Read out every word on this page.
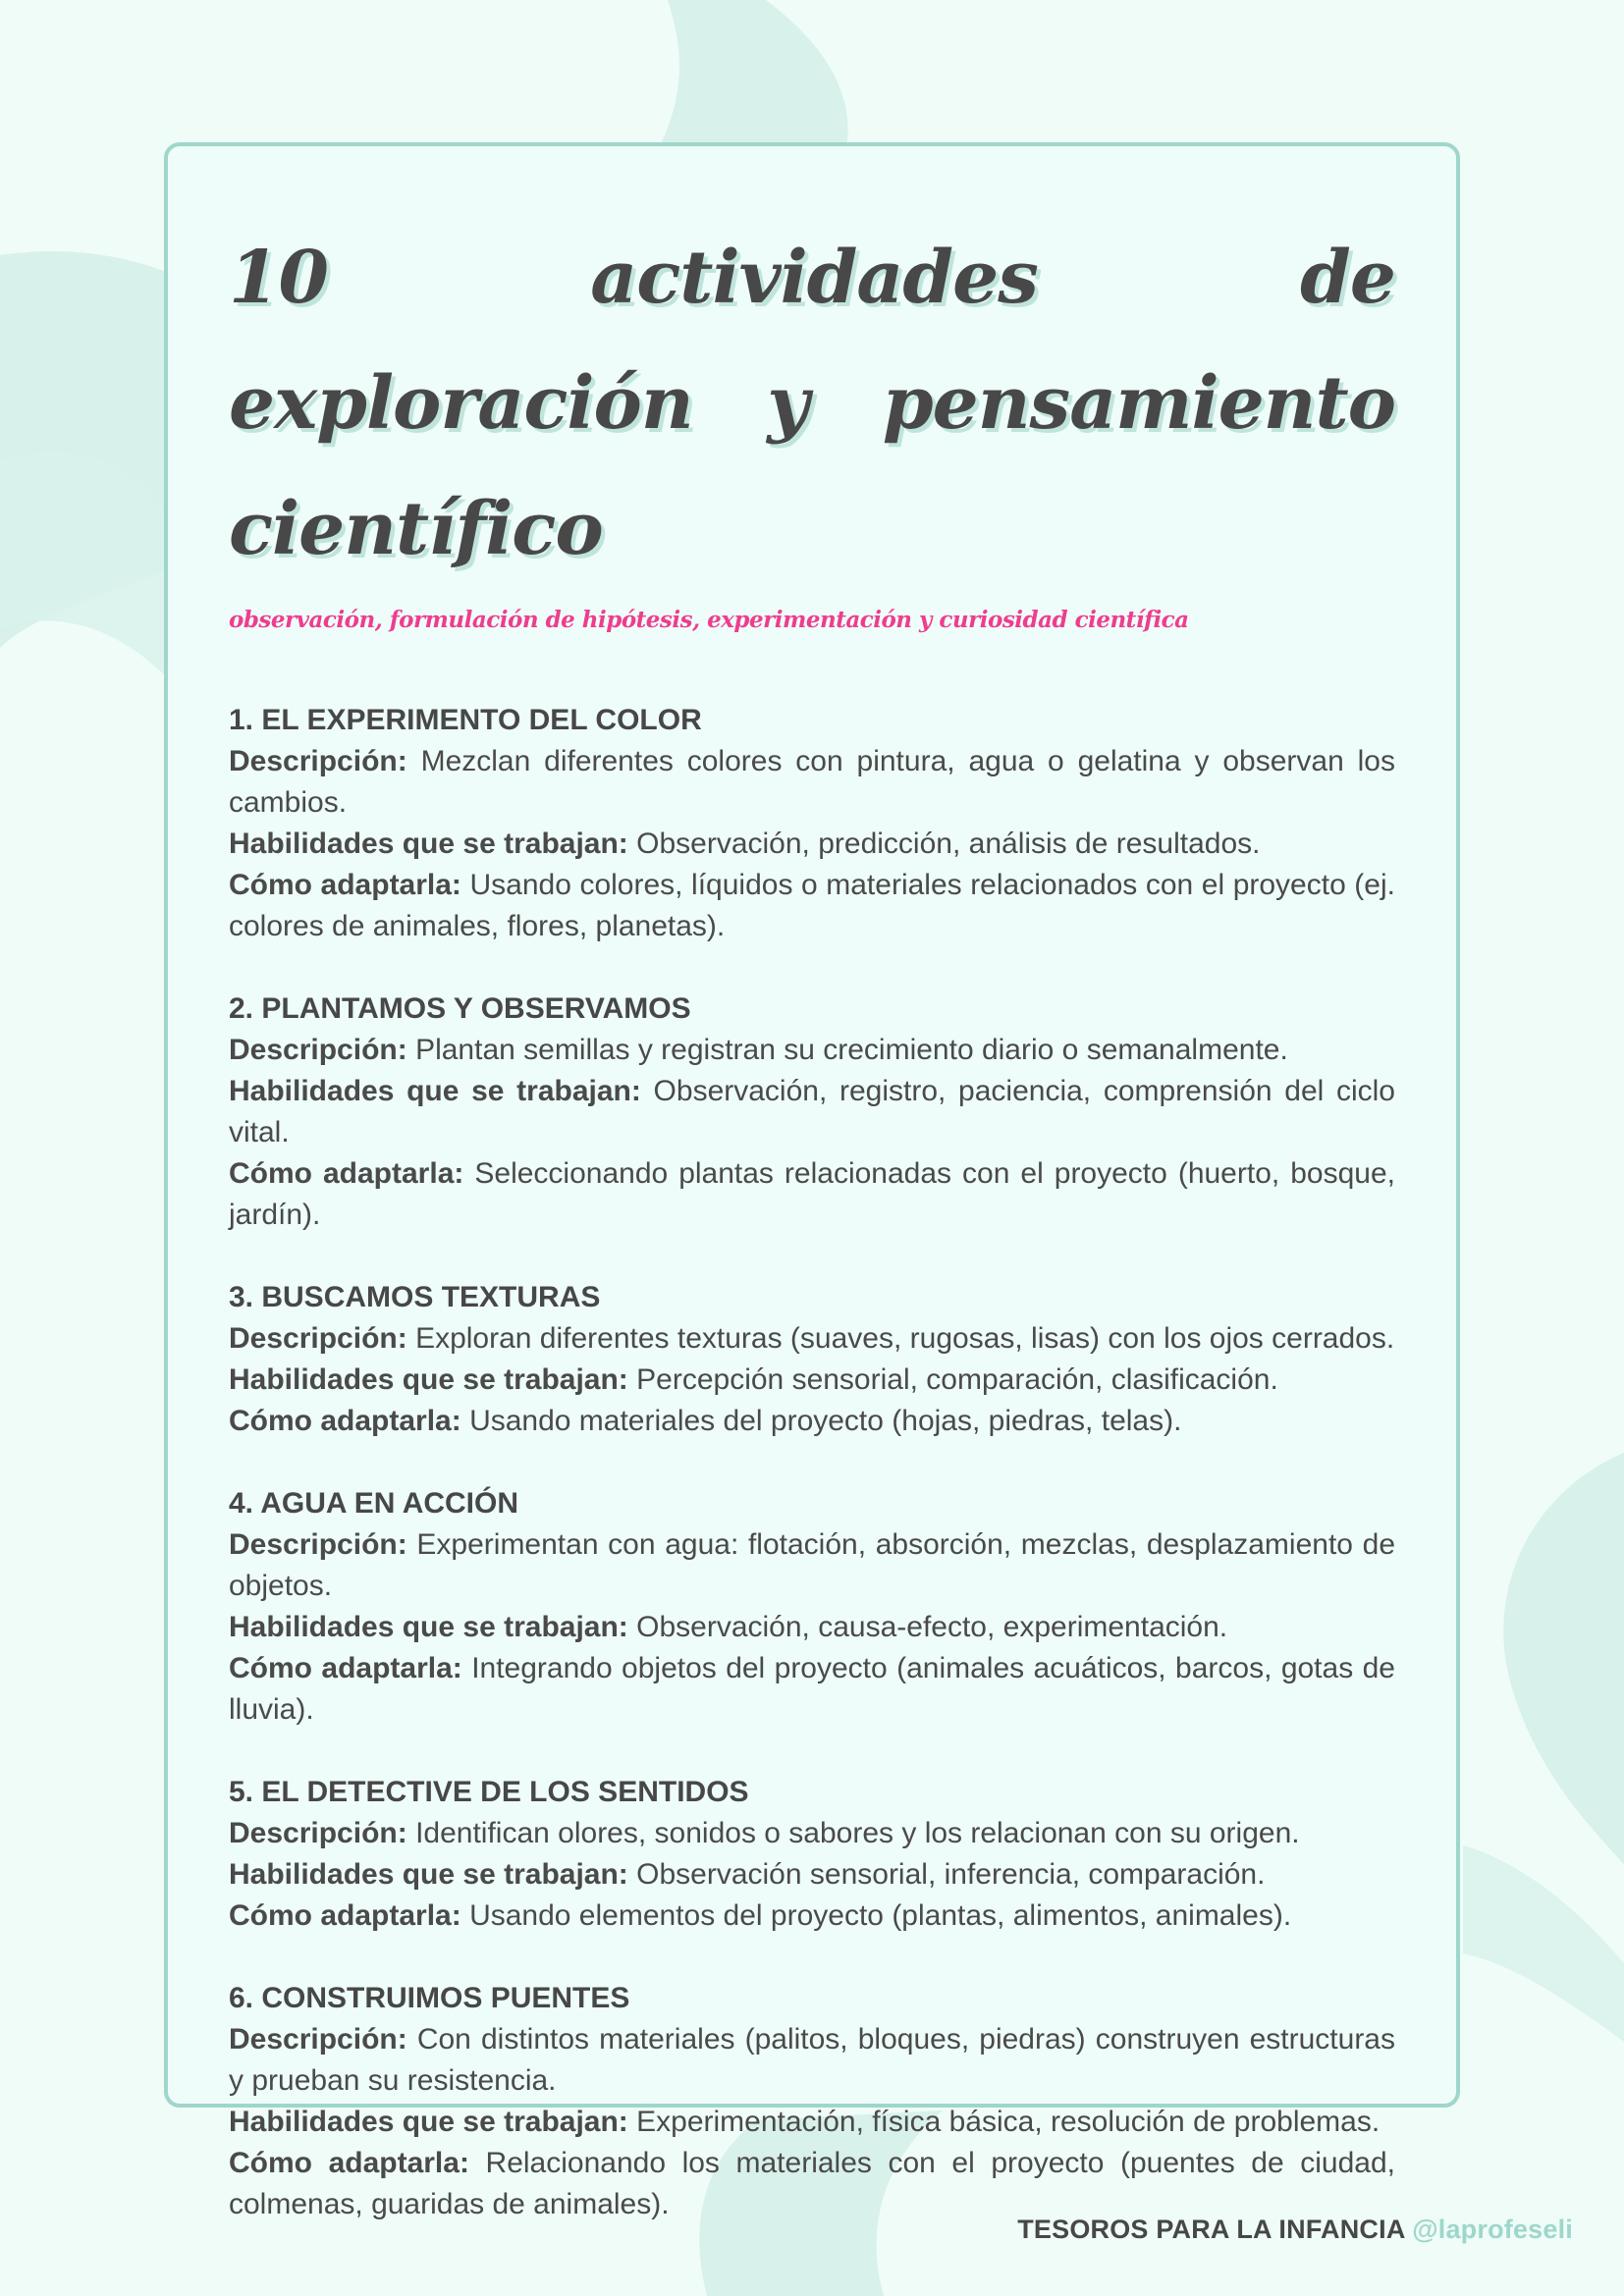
10 actividades de exploración y pensamiento científico

observación, formulación de hipótesis, experimentación y curiosidad científica

1. EL EXPERIMENTO DEL COLOR

Descripción: Mezclan diferentes colores con pintura, agua o gelatina y observan los cambios.

Habilidades que se trabajan: Observación, predicción, análisis de resultados.

Cómo adaptarla: Usando colores, líquidos o materiales relacionados con el proyecto (ej. colores de animales, flores, planetas).

2. PLANTAMOS Y OBSERVAMOS

Descripción: Plantan semillas y registran su crecimiento diario o semanalmente.

Habilidades que se trabajan: Observación, registro, paciencia, comprensión del ciclo vital.

Cómo adaptarla: Seleccionando plantas relacionadas con el proyecto (huerto, bosque, jardín).

3. BUSCAMOS TEXTURAS

Descripción: Exploran diferentes texturas (suaves, rugosas, lisas) con los ojos cerrados.

Habilidades que se trabajan: Percepción sensorial, comparación, clasificación.

Cómo adaptarla: Usando materiales del proyecto (hojas, piedras, telas).

4. AGUA EN ACCIÓN

Descripción: Experimentan con agua: flotación, absorción, mezclas, desplazamiento de objetos.

Habilidades que se trabajan: Observación, causa-efecto, experimentación.

Cómo adaptarla: Integrando objetos del proyecto (animales acuáticos, barcos, gotas de lluvia).

5. EL DETECTIVE DE LOS SENTIDOS

Descripción: Identifican olores, sonidos o sabores y los relacionan con su origen.

Habilidades que se trabajan: Observación sensorial, inferencia, comparación.

Cómo adaptarla: Usando elementos del proyecto (plantas, alimentos, animales).

6. CONSTRUIMOS PUENTES

Descripción: Con distintos materiales (palitos, bloques, piedras) construyen estructuras y prueban su resistencia.

Habilidades que se trabajan: Experimentación, física básica, resolución de problemas.

Cómo adaptarla: Relacionando los materiales con el proyecto (puentes de ciudad, colmenas, guaridas de animales).

TESOROS PARA LA INFANCIA @laprofeseli
